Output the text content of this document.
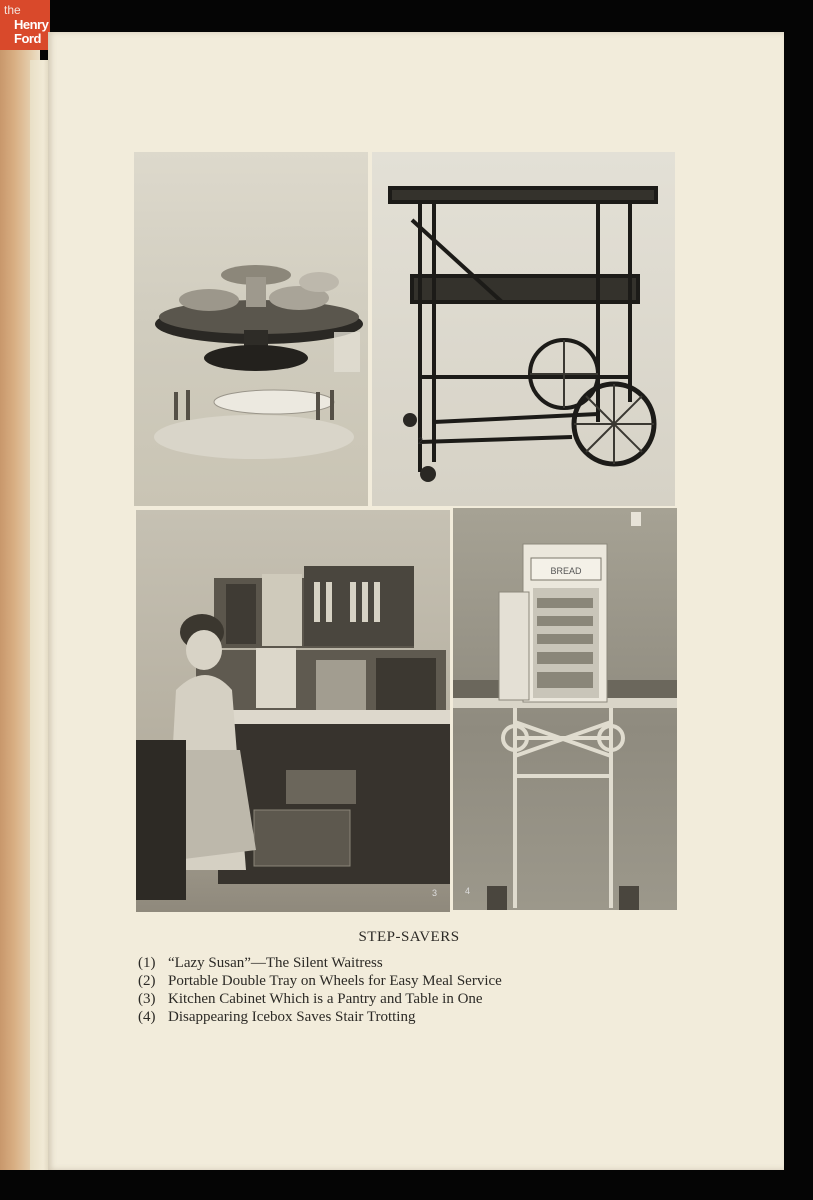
the
Henry
Ford
2
3
BREAD
4
STEP-SAVERS
(1) “Lazy Susan”—The Silent Waitress
(2) Portable Double Tray on Wheels for Easy Meal Service
(3) Kitchen Cabinet Which is a Pantry and Table in One
(4) Disappearing Icebox Saves Stair Trotting
